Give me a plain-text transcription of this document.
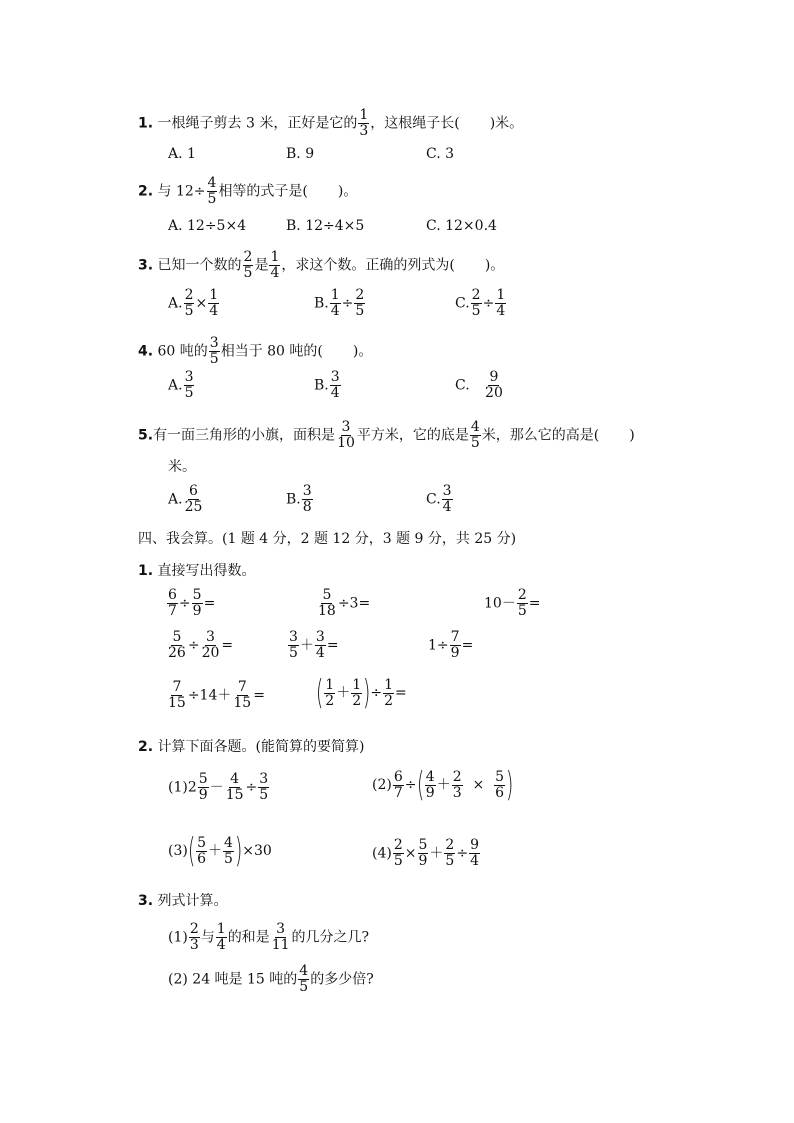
1. 一根绳子剪去 3 米，正好是它的 $\frac{1}{3}$ ，这根绳子长( )米。
A. 1	B. 9	C. 3
2. 与 $12\div \frac{4}{5}$ 相等的式子是( )。
A. 12÷5×4	B. 12÷4×5	C. 12×0.4
3. 已知一个数的 $\frac{2}{5}$ 是 $\frac{1}{4}$ ，求这个数。正确的列式为( )。
A. $\frac{2}{5} \times \frac{1}{4}$	B. $\frac{1}{4} \div \frac{2}{5}$	C. $\frac{2}{5} \div \frac{1}{4}$
4. 60 吨的 $\frac{3}{5}$ 相当于 80 吨的( )。
A. $\frac{3}{5}$	B. $\frac{3}{4}$	C. $\frac{9}{20}$
5.有一面三角形的小旗，面积是 $\frac{3}{10}$ 平方米，它的底是 $\frac{4}{5}$ 米，那么它的高是( )
米。
A. $\frac{6}{25}$	B. $\frac{3}{8}$	C. $\frac{3}{4}$
四、我会算。(1 题 4 分，2 题 12 分，3 题 9 分，共 25 分)
1. 直接写出得数。
$\frac{6}{7} \div \frac{5}{9}$ =	$\frac{5}{18} \div 3=$	$10- \frac{2}{5}$ =
$\frac{5}{26} \div \frac{3}{20}$ =	$\frac{3}{5} + \frac{3}{4}$ =	$1\div \frac{7}{9}$ =
$\frac{7}{15} \div 14+ \frac{7}{15}$ = ( $\frac{1}{2} + \frac{1}{2}$ )÷ $\frac{1}{2}$ =
2. 计算下面各题。(能简算的要简算)
$(1)2 \frac{5}{9} - \frac{4}{15} \div \frac{3}{5}$	$(2) \frac{6}{7}$ ÷( $\frac{4}{9} + \frac{2}{3} \times \frac{5}{6}$ )
$(3)( \frac{5}{6} + \frac{4}{5} )\times 30$	$(4) \frac{2}{5} \times \frac{5}{9} + \frac{2}{5} \div \frac{9}{4}$
3. 列式计算。
$(1) \frac{2}{3}$ 与 $\frac{1}{4}$ 的和是 $\frac{3}{11}$ 的几分之几?
(2) 24 吨是 15 吨的 $\frac{4}{5}$ 的多少倍?
